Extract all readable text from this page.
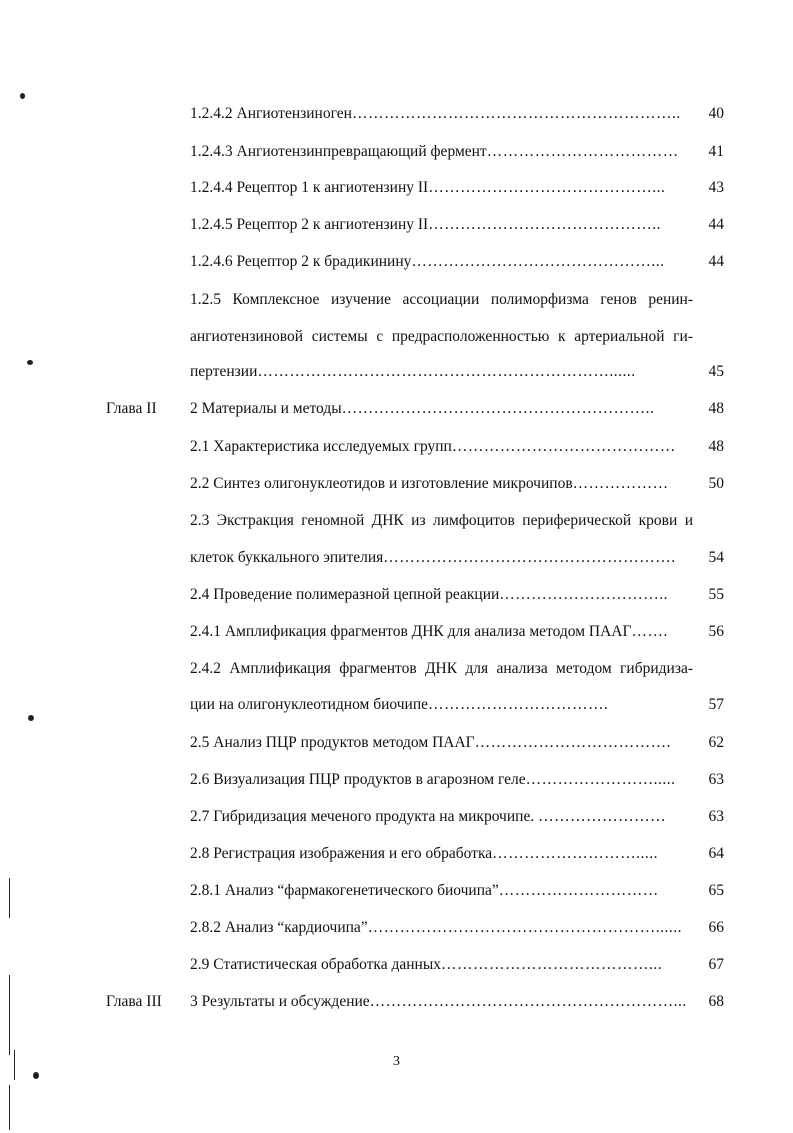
1.2.4.2 Ангиотензиноген……………………………………………………..	40
1.2.4.3 Ангиотензинпревращающий фермент………………………………	41
1.2.4.4 Рецептор 1 к ангиотензину II……………………………………...	43
1.2.4.5 Рецептор 2 к ангиотензину II……………………………………..	44
1.2.4.6 Рецептор 2 к брадикинину………………………………………...	44
1.2.5 Комплексное изучение ассоциации полиморфизма генов ренин-
ангиотензиновой системы с предрасположенностью к артериальной ги-
пертензии…………………………………………………………......	45
Глава II 2 Материалы и методы…………………………………………………..	48
2.1 Характеристика исследуемых групп……………………………………	48
2.2 Синтез олигонуклеотидов и изготовление микрочипов………………	50
2.3 Экстракция геномной ДНК из лимфоцитов периферической крови и
клеток буккального эпителия……………………………………………….	54
2.4 Проведение полимеразной цепной реакции…………………………..	55
2.4.1 Амплификация фрагментов ДНК для анализа методом ПААГ…….	56
2.4.2 Амплификация фрагментов ДНК для анализа методом гибридиза-
ции на олигонуклеотидном биочипе…………………………….	57
2.5 Анализ ПЦР продуктов методом ПААГ……………………………….	62
2.6 Визуализация ПЦР продуктов в агарозном геле…………………….....	63
2.7 Гибридизация меченого продукта на микрочипе. ……………………	63
2.8 Регистрация изображения и его обработка……………………….....	64
2.8.1 Анализ “фармакогенетического биочипа”…………………………	65
2.8.2 Анализ “кардиочипа”………………………………………………......	66
2.9 Статистическая обработка данных…………………………………...	67
Глава III 3 Результаты и обсуждение…………………………………………………...	68
3
